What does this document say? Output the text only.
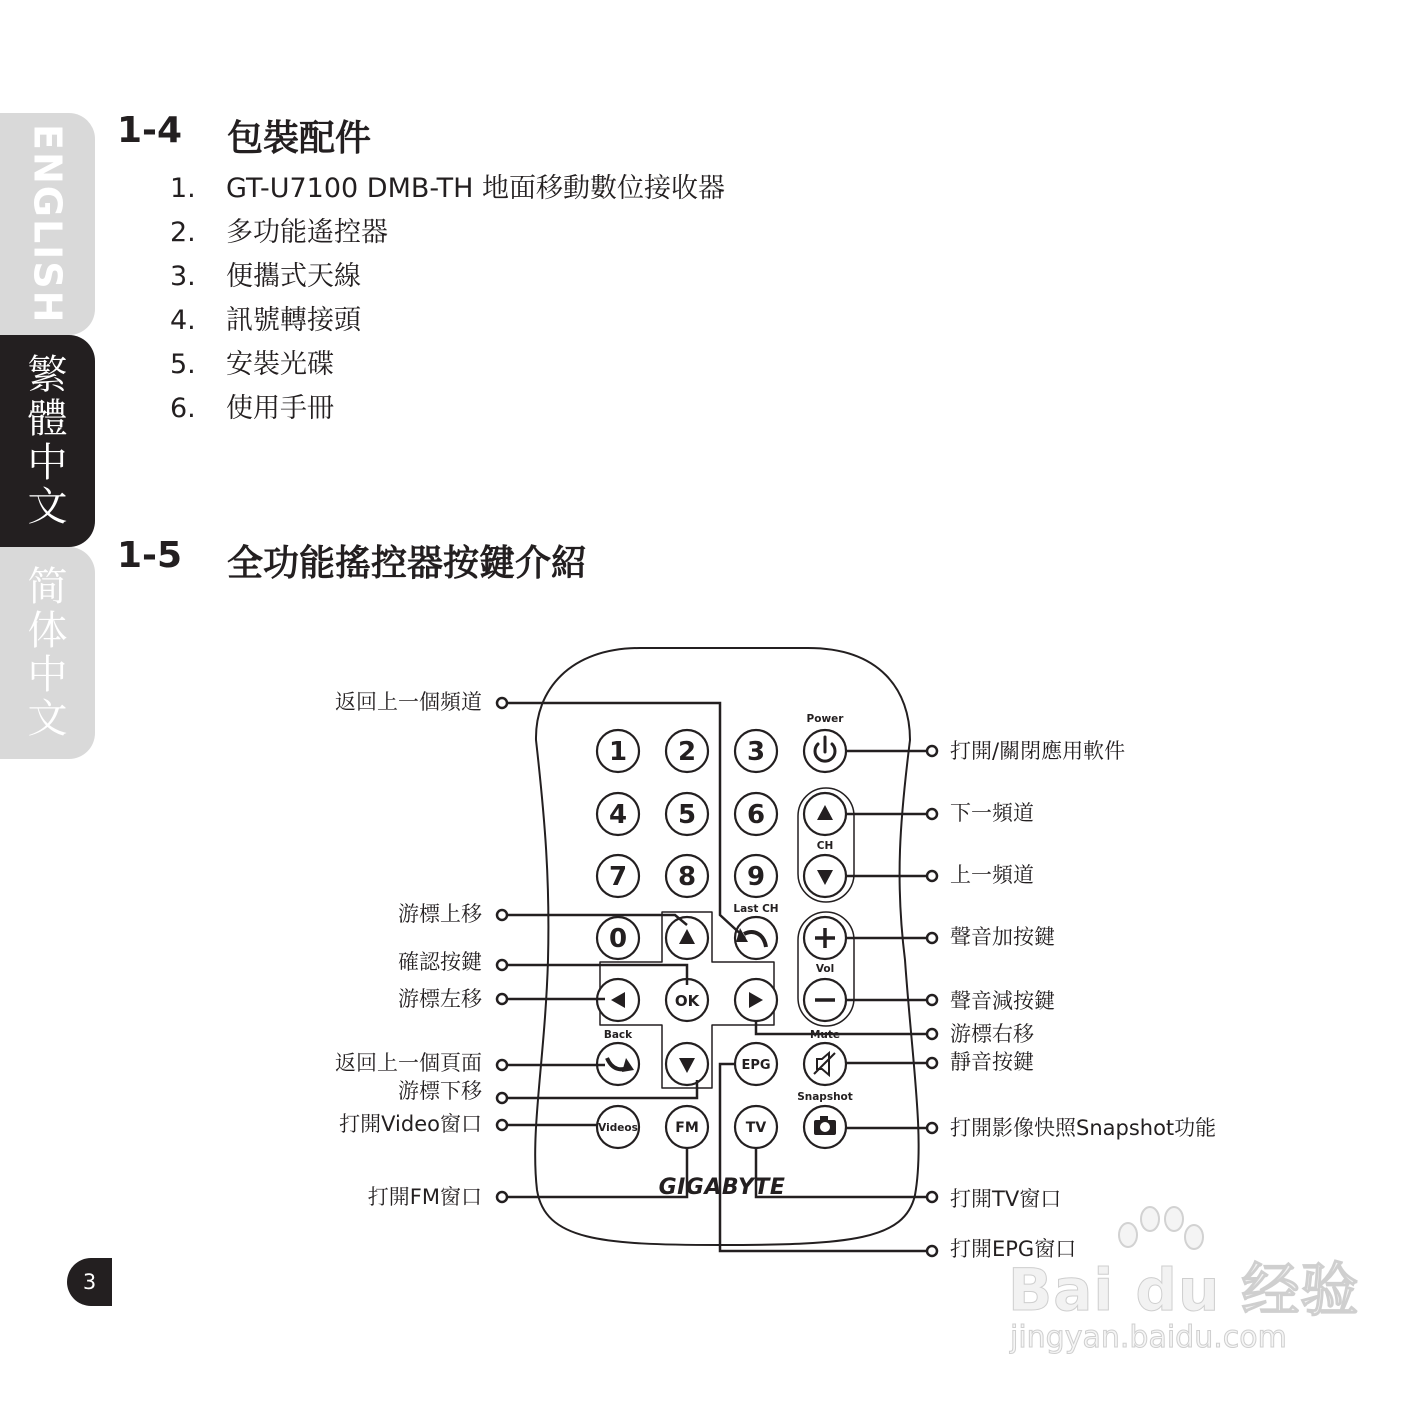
ENGLISH
繁體中文
简体中文
1-4 包裝配件
1. GT-U7100 DMB-TH 地面移動數位接收器
2. 多功能遙控器
3. 便攜式天線
4. 訊號轉接頭
5. 安裝光碟
6. 使用手冊
1-5 全功能搖控器按鍵介紹
1 2 3
4 5 6
7 8 9
0
OK
EPG
Videos	FM	TV
Power
CH
Last CH
Vol
Back	Mute
Snapshot
GIGABYTE
返回上一個頻道
游標上移
確認按鍵
游標左移
返回上一個頁面
游標下移
打開Video窗口
打開FM窗口
打開/關閉應用軟件
下一頻道
上一頻道
聲音加按鍵
聲音減按鍵
游標右移
靜音按鍵
打開影像快照Snapshot功能
打開TV窗口
打開EPG窗口
3	Bai du 经验
jingyan.baidu.com
